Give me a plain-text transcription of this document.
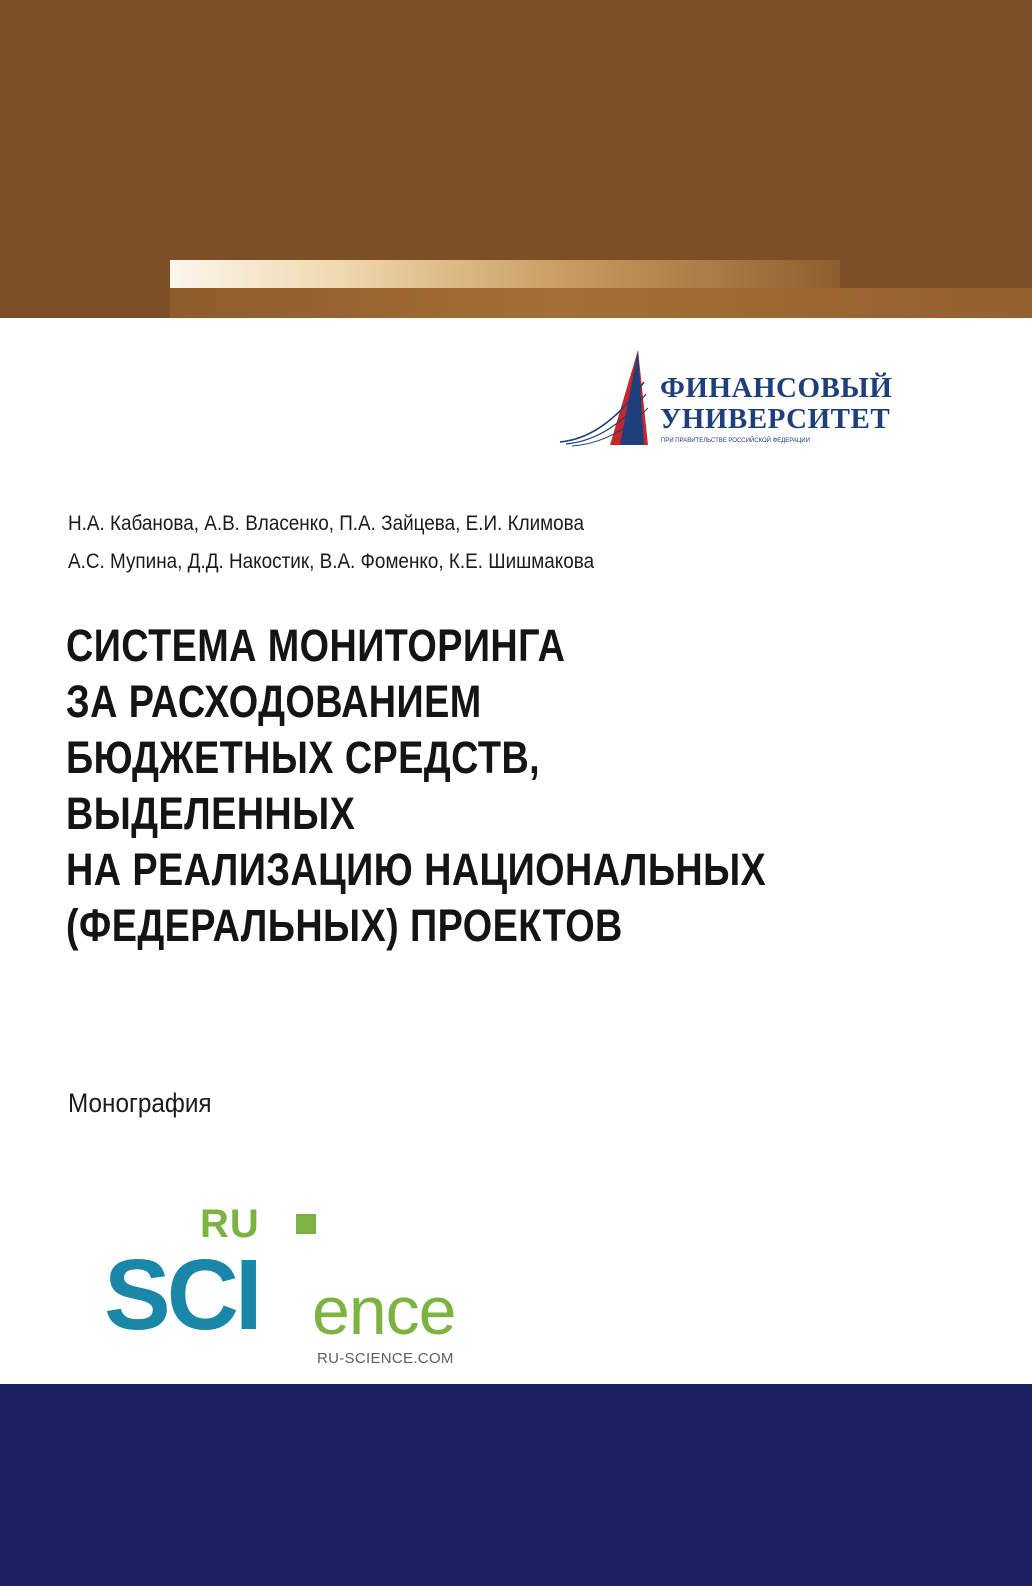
ФИНАНСОВЫЙ
УНИВЕРСИТЕТ
ПРИ ПРАВИТЕЛЬСТВЕ РОССИЙСКОЙ ФЕДЕРАЦИИ
Н.А. Кабанова, А.В. Власенко, П.А. Зайцева, Е.И. Климова
А.С. Мупина, Д.Д. Накостик, В.А. Фоменко, К.Е. Шишмакова
СИСТЕМА МОНИТОРИНГА
ЗА РАСХОДОВАНИЕМ
БЮДЖЕТНЫХ СРЕДСТВ,
ВЫДЕЛЕННЫХ
НА РЕАЛИЗАЦИЮ НАЦИОНАЛЬНЫХ
(ФЕДЕРАЛЬНЫХ) ПРОЕКТОВ
Монография
RU
SCI ence
RU-SCIENCE.COM
